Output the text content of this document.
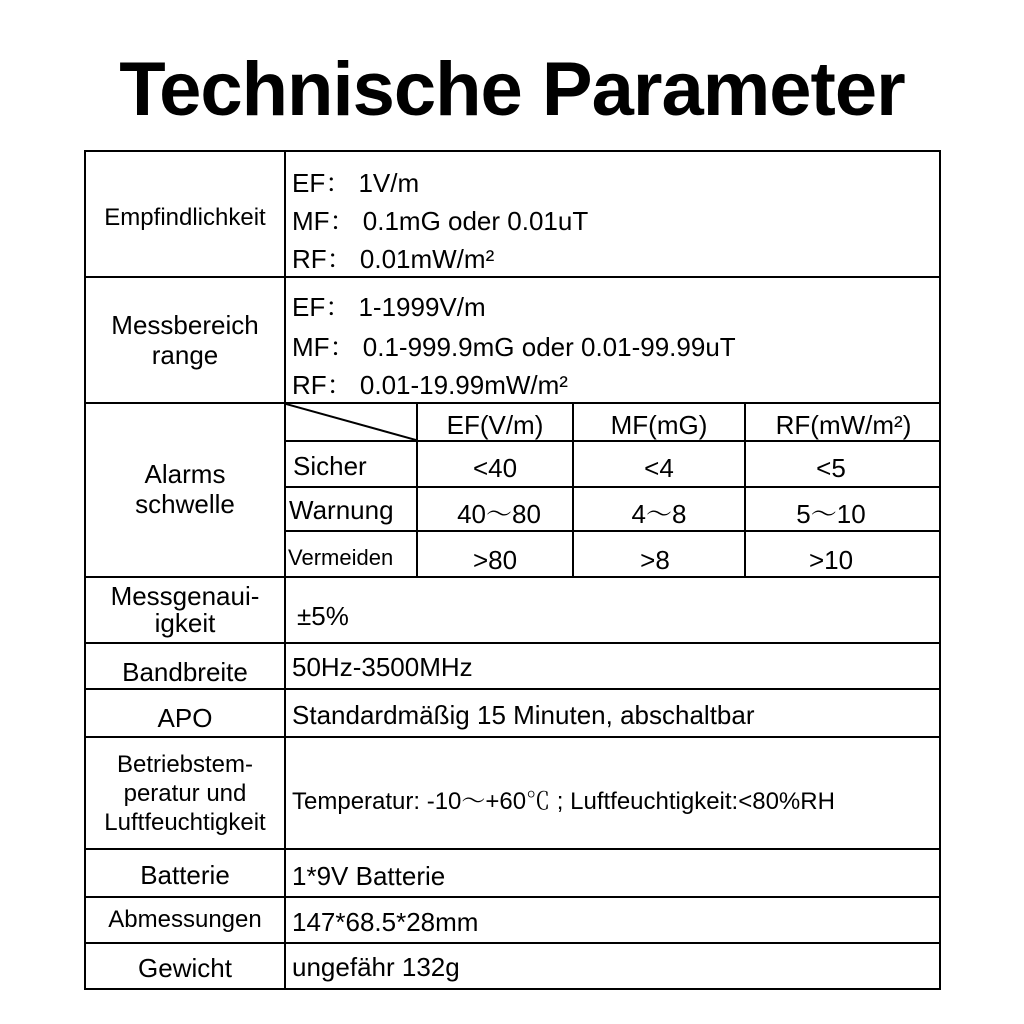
Technische Parameter
Empfindlichkeit
EF： 1V/m
MF： 0.1mG oder 0.01uT
RF： 0.01mW/m²
Messbereich
range
EF： 1-1999V/m
MF： 0.1-999.9mG oder 0.01-99.99uT
RF： 0.01-19.99mW/m²
Alarms
schwelle
EF(V/m)	MF(mG)	RF(mW/m²)
Sicher	<40	<4	<5
Warnung	40～80	4～8	5～10
Vermeiden	>80	>8	>10
Messgenaui-
igkeit	±5%
Bandbreite	50Hz-3500MHz
APO	Standardmäßig 15 Minuten, abschaltbar
Betriebstem-
peratur und
Luftfeuchtigkeit
Temperatur: -10～+60℃ ; Luftfeuchtigkeit:<80%RH
Batterie	1*9V Batterie
Abmessungen	147*68.5*28mm
Gewicht	ungefähr 132g
